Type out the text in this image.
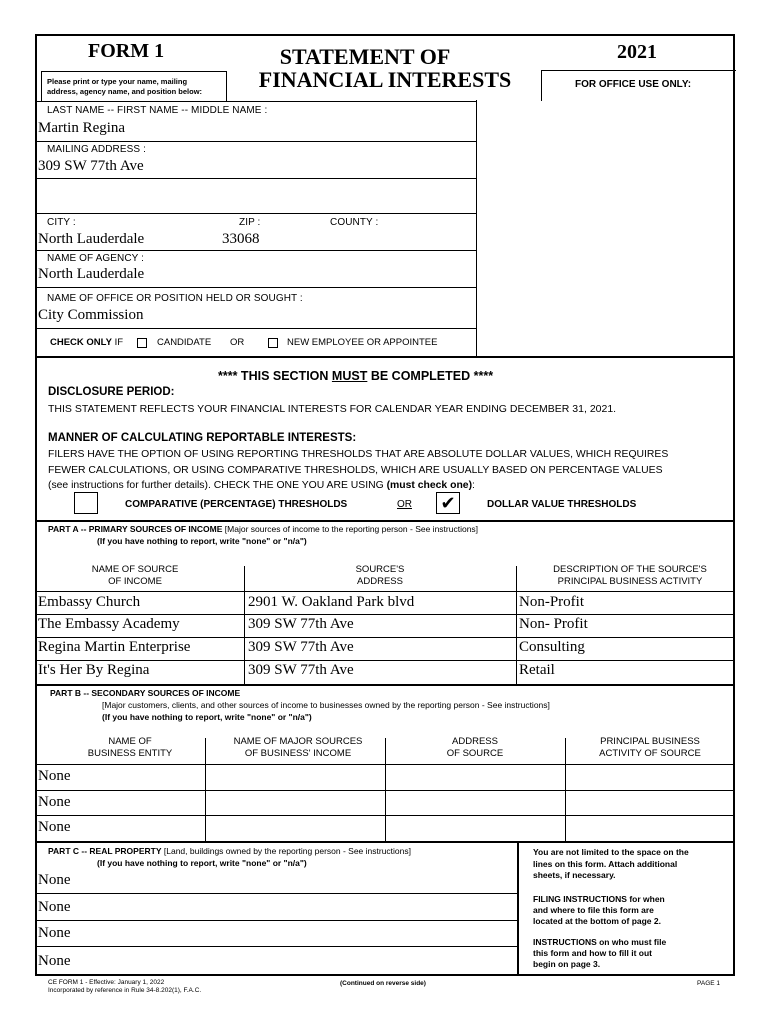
FORM 1	STATEMENT OF
FINANCIAL INTERESTS
2021
Please print or type your name, mailing
address, agency name, and position below:
FOR OFFICE USE ONLY:
LAST NAME -- FIRST NAME -- MIDDLE NAME :
Martin Regina
MAILING ADDRESS :
309 SW 77th Ave
CITY :	ZIP :	COUNTY :
North Lauderdale	33068
NAME OF AGENCY :
North Lauderdale
NAME OF OFFICE OR POSITION HELD OR SOUGHT :
City Commission
CHECK ONLY IF	CANDIDATE OR	NEW EMPLOYEE OR APPOINTEE
**** THIS SECTION MUST BE COMPLETED ****
DISCLOSURE PERIOD:
THIS STATEMENT REFLECTS YOUR FINANCIAL INTERESTS FOR CALENDAR YEAR ENDING DECEMBER 31, 2021.
MANNER OF CALCULATING REPORTABLE INTERESTS:
FILERS HAVE THE OPTION OF USING REPORTING THRESHOLDS THAT ARE ABSOLUTE DOLLAR VALUES, WHICH REQUIRES
FEWER CALCULATIONS, OR USING COMPARATIVE THRESHOLDS, WHICH ARE USUALLY BASED ON PERCENTAGE VALUES
(see instructions for further details). CHECK THE ONE YOU ARE USING (must check one):
COMPARATIVE (PERCENTAGE) THRESHOLDS	OR ✔	DOLLAR VALUE THRESHOLDS
PART A -- PRIMARY SOURCES OF INCOME [Major sources of income to the reporting person - See instructions]
(If you have nothing to report, write "none" or "n/a")
NAME OF SOURCE
OF INCOME
SOURCE'S
ADDRESS
DESCRIPTION OF THE SOURCE'S
PRINCIPAL BUSINESS ACTIVITY
Embassy Church	2901 W. Oakland Park blvd	Non-Profit
The Embassy Academy	309 SW 77th Ave	Non- Profit
Regina Martin Enterprise	309 SW 77th Ave	Consulting
It's Her By Regina	309 SW 77th Ave	Retail
PART B -- SECONDARY SOURCES OF INCOME
[Major customers, clients, and other sources of income to businesses owned by the reporting person - See instructions]
(If you have nothing to report, write "none" or "n/a")
NAME OF
BUSINESS ENTITY
NAME OF MAJOR SOURCES
OF BUSINESS' INCOME
ADDRESS
OF SOURCE
PRINCIPAL BUSINESS
ACTIVITY OF SOURCE
None
None
None
PART C -- REAL PROPERTY [Land, buildings owned by the reporting person - See instructions]
(If you have nothing to report, write "none" or "n/a")
None
None
None
None
You are not limited to the space on the
lines on this form. Attach additional
sheets, if necessary.
FILING INSTRUCTIONS for when
and where to file this form are
located at the bottom of page 2.
INSTRUCTIONS on who must file
this form and how to fill it out
begin on page 3.
CE FORM 1 - Effective: January 1, 2022
Incorporated by reference in Rule 34-8.202(1), F.A.C.
(Continued on reverse side)	PAGE 1
